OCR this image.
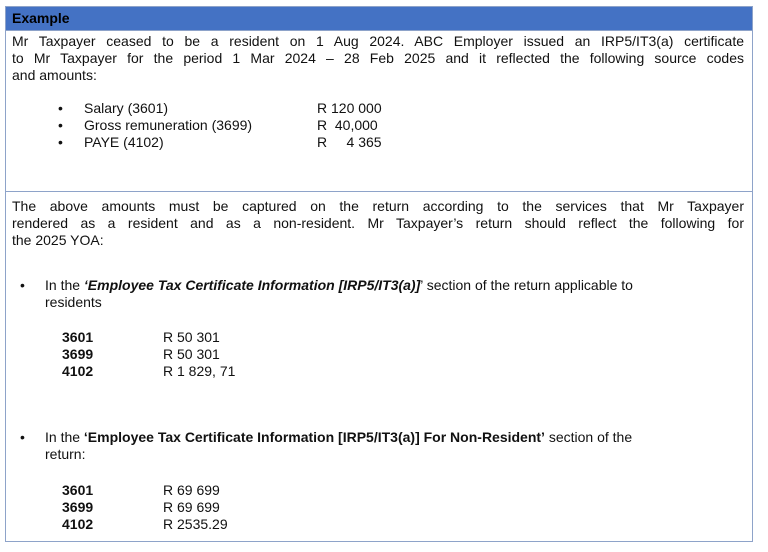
Example
Mr Taxpayer ceased to be a resident on 1 Aug 2024. ABC Employer issued an IRP5/IT3(a) certificate
to Mr Taxpayer for the period 1 Mar 2024 – 28 Feb 2025 and it reflected the following source codes
and amounts:
• Salary (3601)	R 120 000
• Gross remuneration (3699)	R  40,000
• PAYE (4102)	R     4 365
The above amounts must be captured on the return according to the services that Mr Taxpayer
rendered as a resident and as a non-resident. Mr Taxpayer’s return should reflect the following for
the 2025 YOA:
• In the ‘Employee Tax Certificate Information [IRP5/IT3(a)]’ section of the return applicable to
residents
3601	R 50 301
3699	R 50 301
4102	R 1 829, 71
• In the ‘Employee Tax Certificate Information [IRP5/IT3(a)] For Non-Resident’ section of the
return:
3601	R 69 699
3699	R 69 699
4102	R 2535.29
